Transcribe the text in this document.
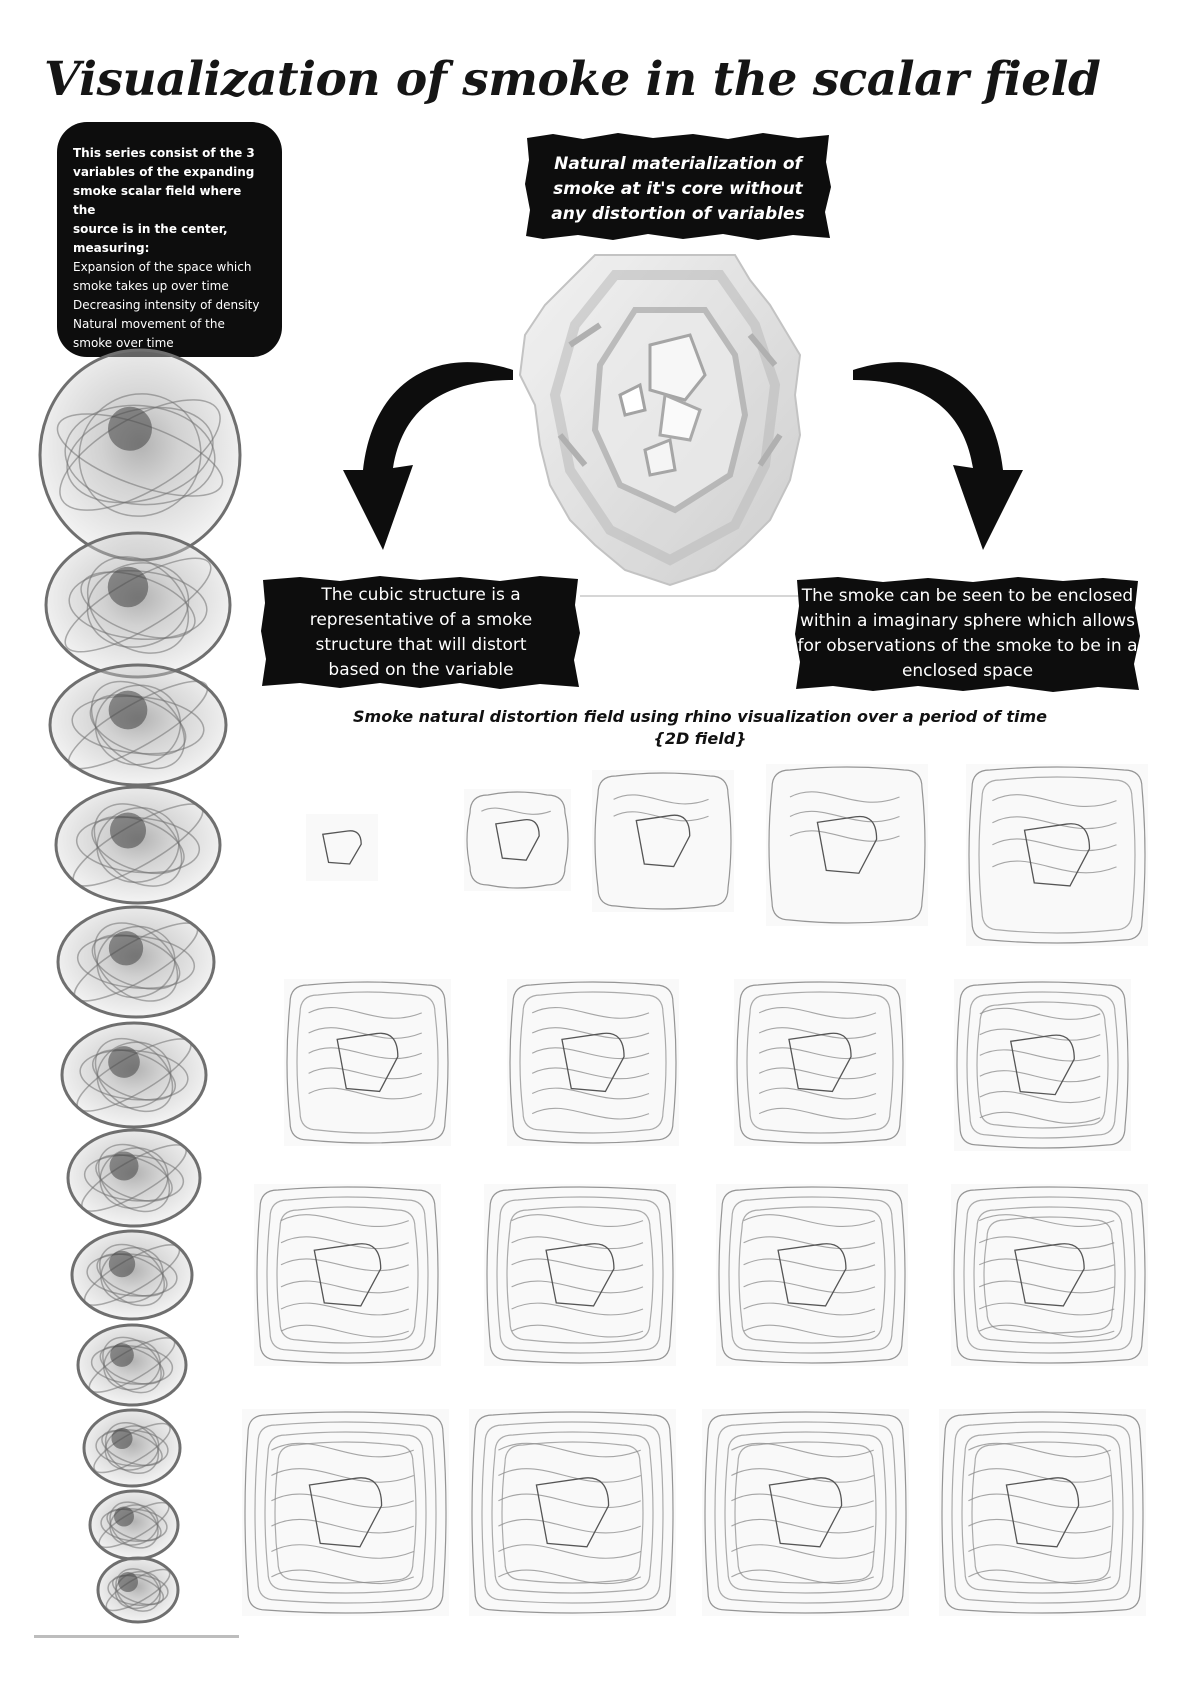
Visualization of smoke in the scalar field
This series consist of the 3
variables of the expanding
smoke scalar field where the
source is in the center,
measuring:
Expansion of the space which
smoke takes up over time
Decreasing intensity of density
Natural movement of the
smoke over time
Natural materialization of
smoke at it's core without
any distortion of variables
The cubic structure is a
representative of a smoke
structure that will distort
based on the variable
The smoke can be seen to be enclosed
within a imaginary sphere which allows
for observations of the smoke to be in a
enclosed space
Smoke natural distortion field using rhino visualization over a period of time
{2D field}
